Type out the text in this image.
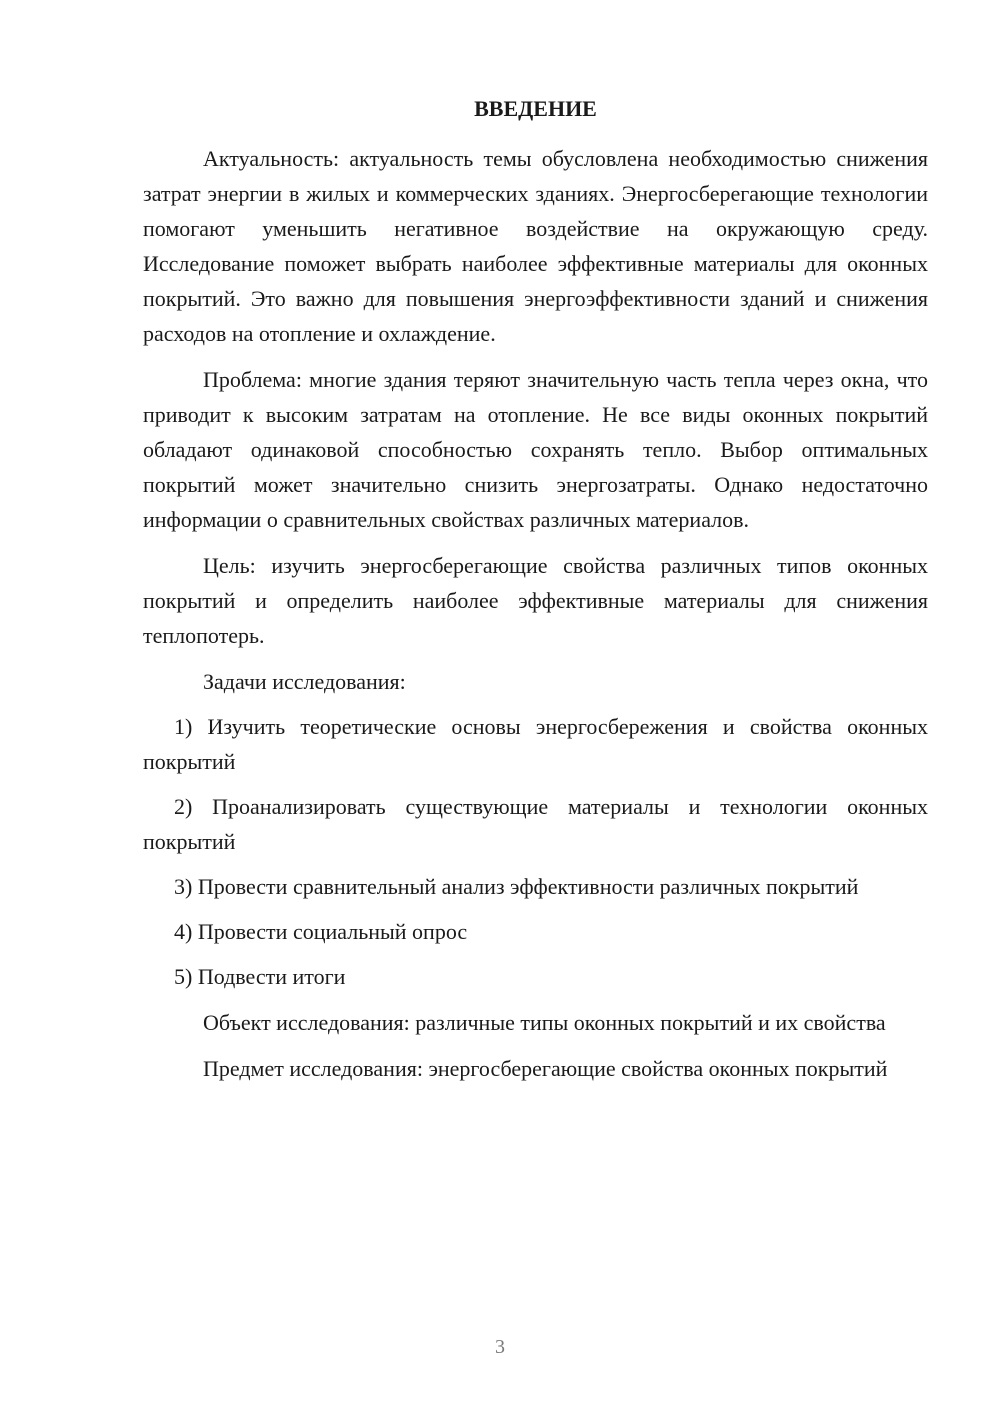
ВВЕДЕНИЕ

Актуальность: актуальность темы обусловлена необходимостью снижения затрат энергии в жилых и коммерческих зданиях. Энергосберегающие технологии помогают уменьшить негативное воздействие на окружающую среду. Исследование поможет выбрать наиболее эффективные материалы для оконных покрытий. Это важно для повышения энергоэффективности зданий и снижения расходов на отопление и охлаждение.

Проблема: многие здания теряют значительную часть тепла через окна, что приводит к высоким затратам на отопление. Не все виды оконных покрытий обладают одинаковой способностью сохранять тепло. Выбор оптимальных покрытий может значительно снизить энергозатраты. Однако недостаточно информации о сравнительных свойствах различных материалов.

Цель: изучить энергосберегающие свойства различных типов оконных покрытий и определить наиболее эффективные материалы для снижения теплопотерь.

Задачи исследования:

1) Изучить теоретические основы энергосбережения и свойства оконных покрытий

2) Проанализировать существующие материалы и технологии оконных покрытий

3) Провести сравнительный анализ эффективности различных покрытий

4) Провести социальный опрос

5) Подвести итоги

Объект исследования: различные типы оконных покрытий и их свойства

Предмет исследования: энергосберегающие свойства оконных покрытий

3
